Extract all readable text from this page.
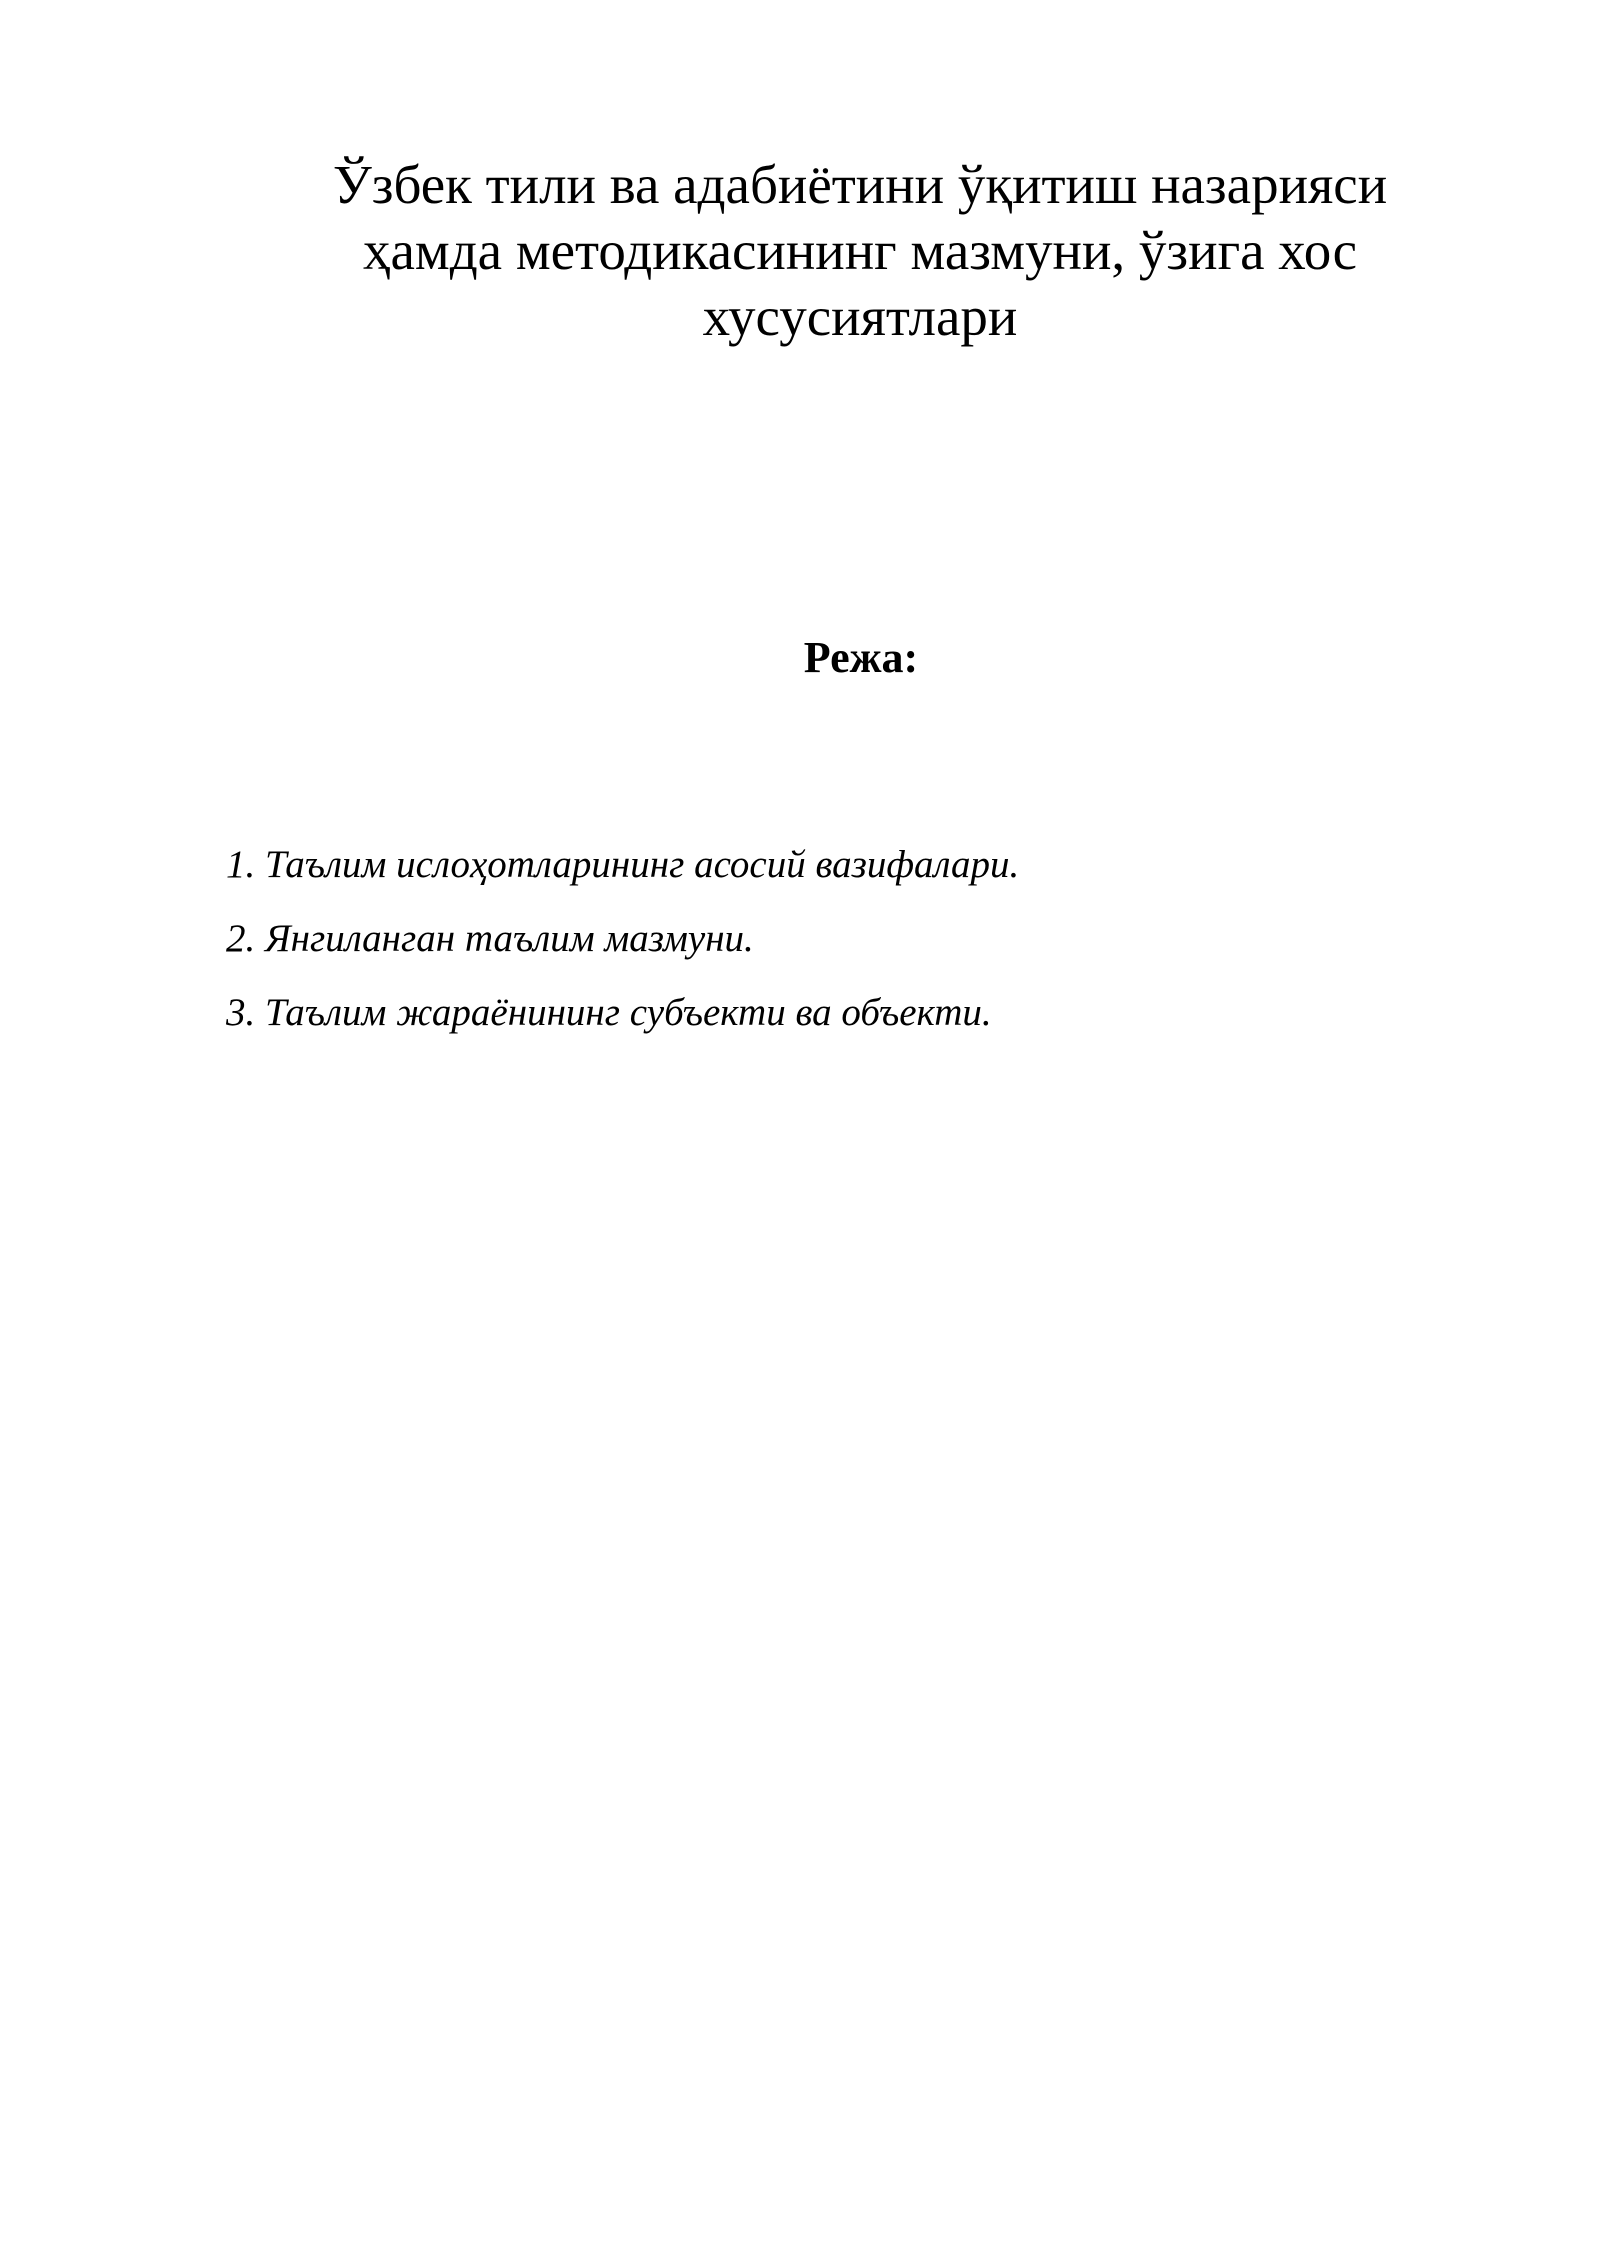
Ўзбек тили ва адабиётини ўқитиш назарияси
ҳамда методикасининг мазмуни, ўзига хос
хусусиятлари
Режа:
1. Таълим ислоҳотларининг асосий вазифалари.
2. Янгиланган таълим мазмуни.
3. Таълим жараёнининг субъекти ва объекти.
